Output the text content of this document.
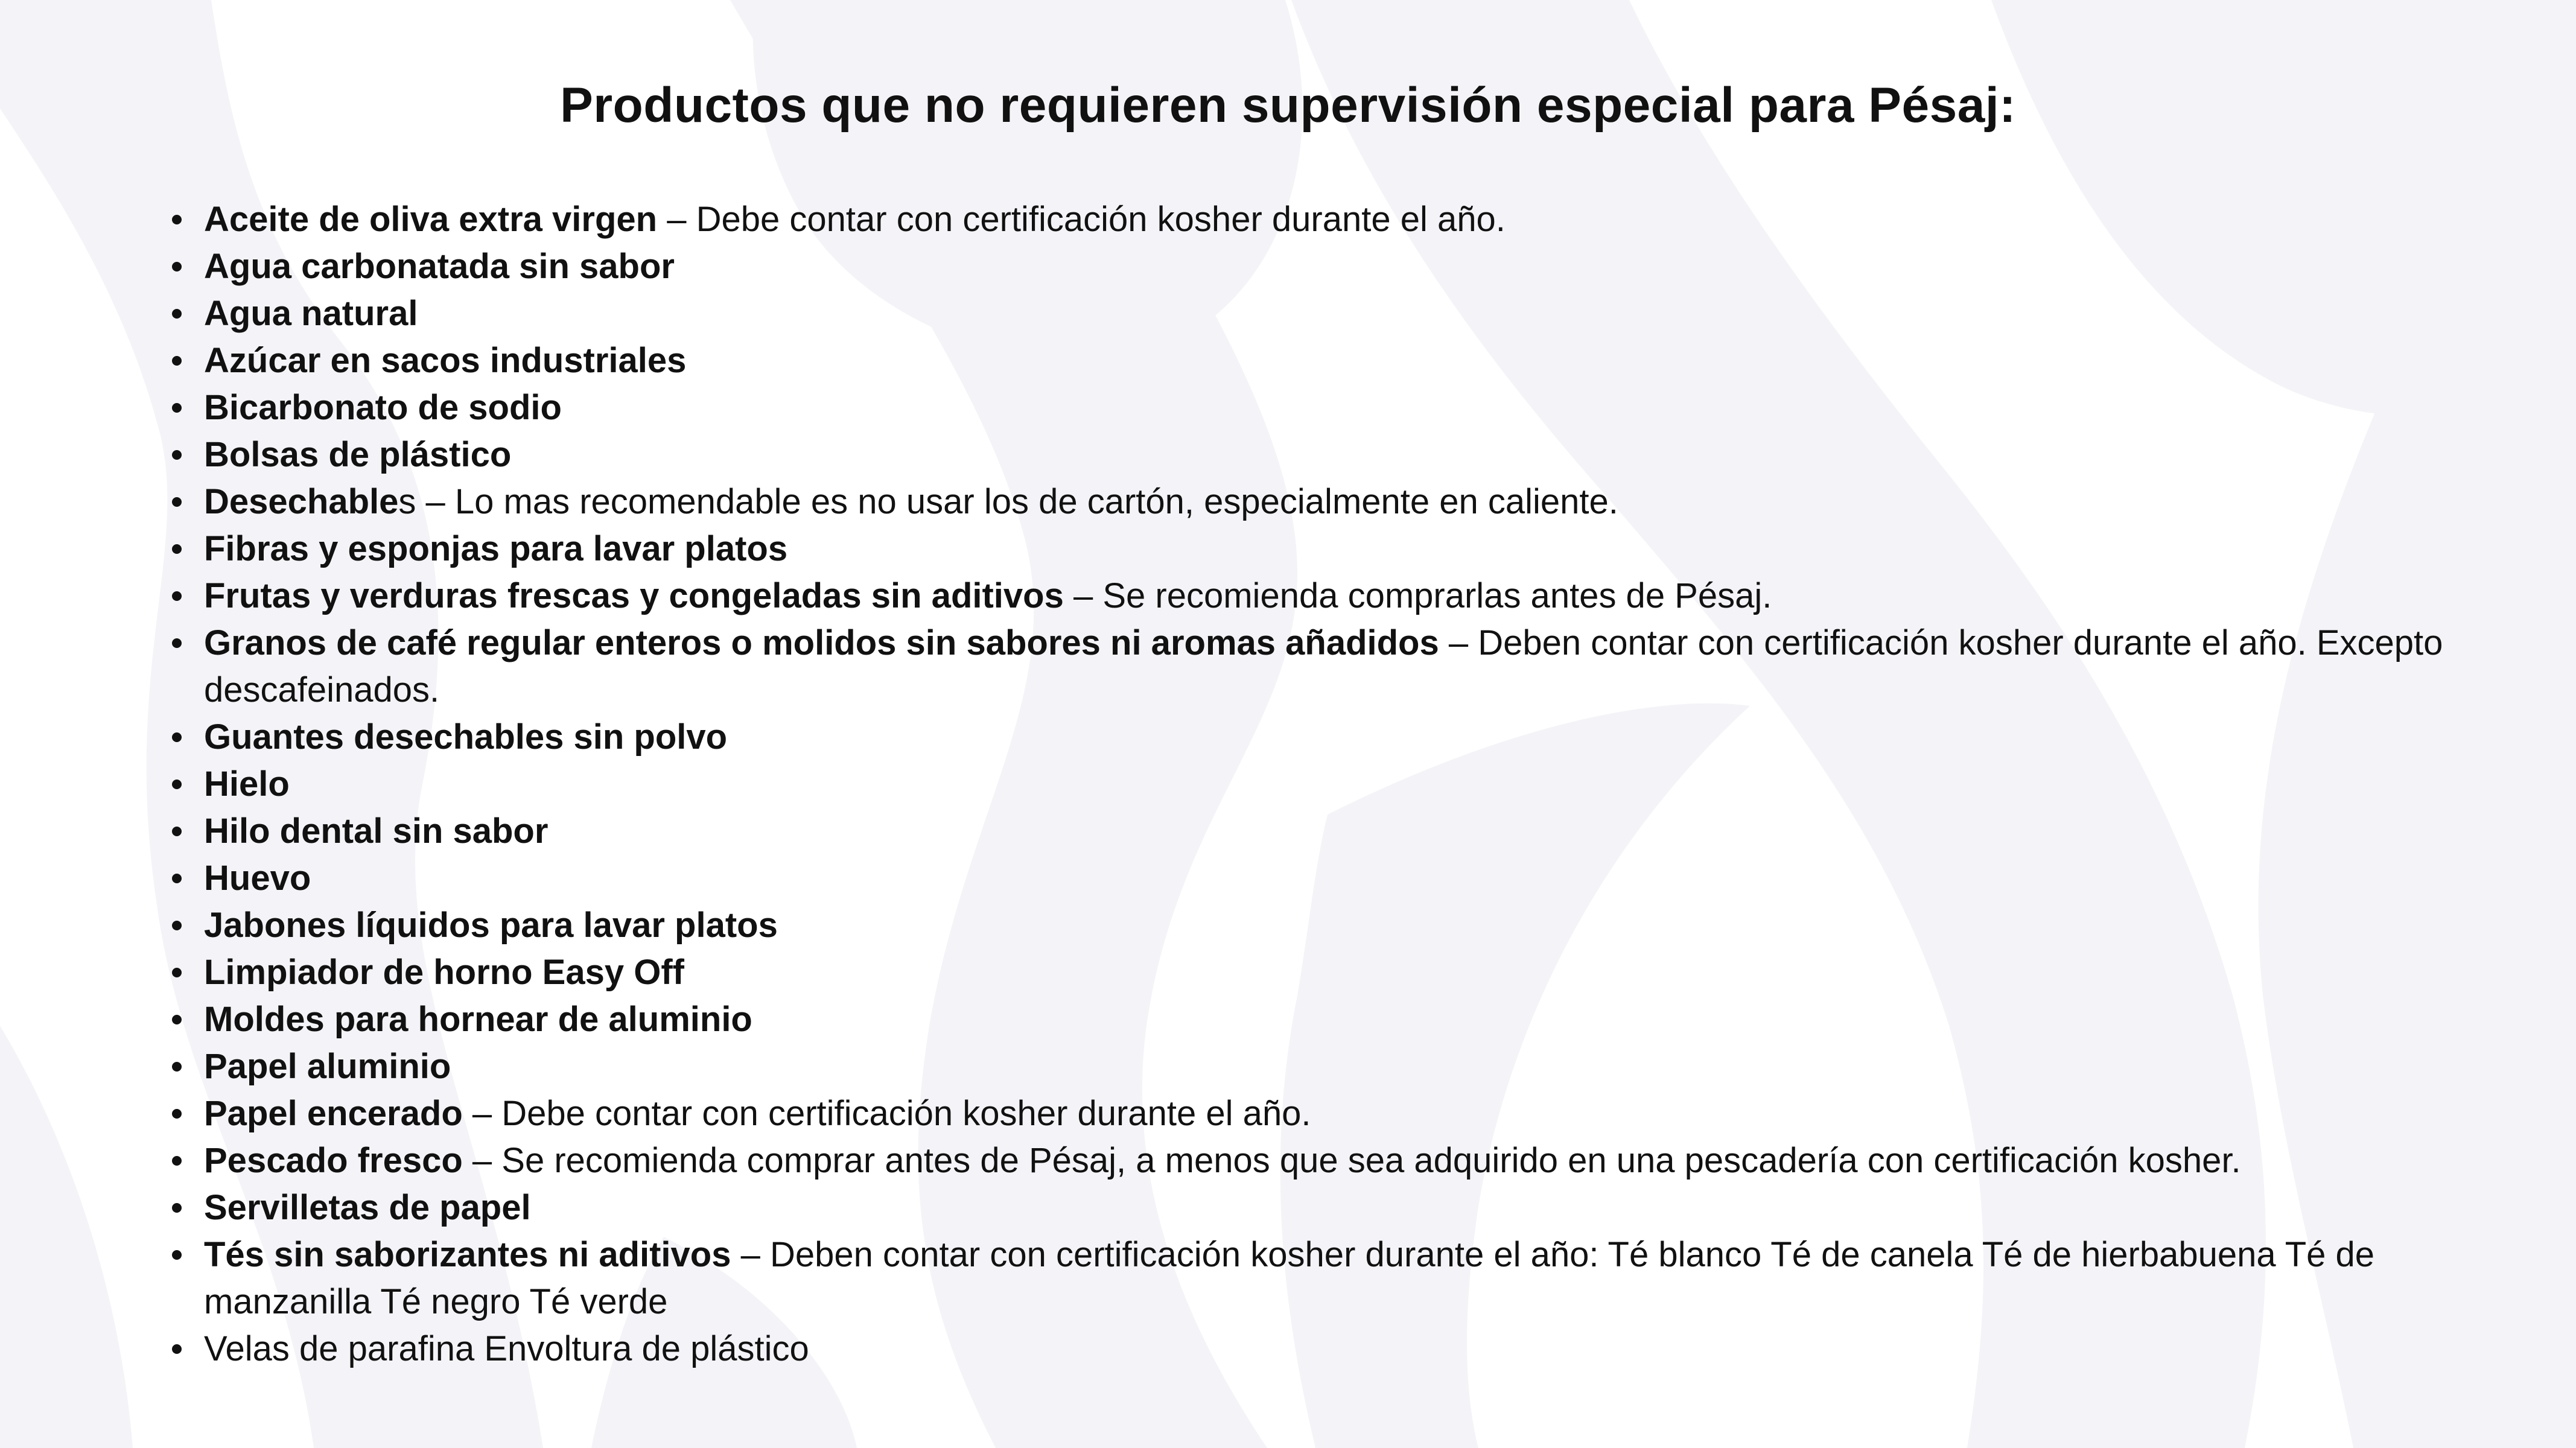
Productos que no requieren supervisión especial para Pésaj:
Aceite de oliva extra virgen – Debe contar con certificación kosher durante el año.
Agua carbonatada sin sabor
Agua natural
Azúcar en sacos industriales
Bicarbonato de sodio
Bolsas de plástico
Desechables – Lo mas recomendable es no usar los de cartón, especialmente en caliente.
Fibras y esponjas para lavar platos
Frutas y verduras frescas y congeladas sin aditivos – Se recomienda comprarlas antes de Pésaj.
Granos de café regular enteros o molidos sin sabores ni aromas añadidos – Deben contar con certificación kosher durante el año. Excepto descafeinados.
Guantes desechables sin polvo
Hielo
Hilo dental sin sabor
Huevo
Jabones líquidos para lavar platos
Limpiador de horno Easy Off
Moldes para hornear de aluminio
Papel aluminio
Papel encerado – Debe contar con certificación kosher durante el año.
Pescado fresco – Se recomienda comprar antes de Pésaj, a menos que sea adquirido en una pescadería con certificación kosher.
Servilletas de papel
Tés sin saborizantes ni aditivos – Deben contar con certificación kosher durante el año: Té blanco Té de canela Té de hierbabuena Té de manzanilla Té negro Té verde
Velas de parafina Envoltura de plástico
